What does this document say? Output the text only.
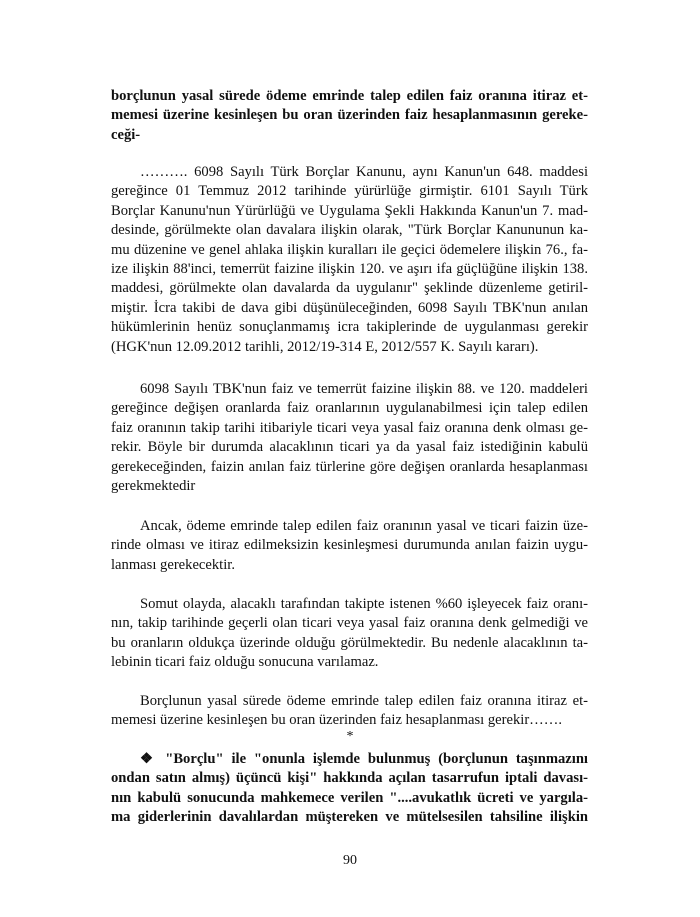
borçlunun yasal sürede ödeme emrinde talep edilen faiz oranına itiraz et-
memesi üzerine kesinleşen bu oran üzerinden faiz hesaplanmasının gereke-
ceği-
………. 6098 Sayılı Türk Borçlar Kanunu, aynı Kanun'un 648. maddesi
gereğince 01 Temmuz 2012 tarihinde yürürlüğe girmiştir. 6101 Sayılı Türk
Borçlar Kanunu'nun Yürürlüğü ve Uygulama Şekli Hakkında Kanun'un 7. mad-
desinde, görülmekte olan davalara ilişkin olarak, "Türk Borçlar Kanununun ka-
mu düzenine ve genel ahlaka ilişkin kuralları ile geçici ödemelere ilişkin 76., fa-
ize ilişkin 88'inci, temerrüt faizine ilişkin 120. ve aşırı ifa güçlüğüne ilişkin 138.
maddesi, görülmekte olan davalarda da uygulanır" şeklinde düzenleme getiril-
miştir. İcra takibi de dava gibi düşünüleceğinden, 6098 Sayılı TBK'nun anılan
hükümlerinin henüz sonuçlanmamış icra takiplerinde de uygulanması gerekir
(HGK'nun 12.09.2012 tarihli, 2012/19-314 E, 2012/557 K. Sayılı kararı).
6098 Sayılı TBK'nun faiz ve temerrüt faizine ilişkin 88. ve 120. maddeleri
gereğince değişen oranlarda faiz oranlarının uygulanabilmesi için talep edilen
faiz oranının takip tarihi itibariyle ticari veya yasal faiz oranına denk olması ge-
rekir. Böyle bir durumda alacaklının ticari ya da yasal faiz istediğinin kabulü
gerekeceğinden, faizin anılan faiz türlerine göre değişen oranlarda hesaplanması
gerekmektedir
Ancak, ödeme emrinde talep edilen faiz oranının yasal ve ticari faizin üze-
rinde olması ve itiraz edilmeksizin kesinleşmesi durumunda anılan faizin uygu-
lanması gerekecektir.
Somut olayda, alacaklı tarafından takipte istenen %60 işleyecek faiz oranı-
nın, takip tarihinde geçerli olan ticari veya yasal faiz oranına denk gelmediği ve
bu oranların oldukça üzerinde olduğu görülmektedir. Bu nedenle alacaklının ta-
lebinin ticari faiz olduğu sonucuna varılamaz.
Borçlunun yasal sürede ödeme emrinde talep edilen faiz oranına itiraz et-
memesi üzerine kesinleşen bu oran üzerinden faiz hesaplanması gerekir…….
*
❖ "Borçlu" ile "onunla işlemde bulunmuş (borçlunun taşınmazını
ondan satın almış) üçüncü kişi" hakkında açılan tasarrufun iptali davası-
nın kabulü sonucunda mahkemece verilen "....avukatlık ücreti ve yargıla-
ma giderlerinin davalılardan müştereken ve mütelsesilen tahsiline ilişkin
90
